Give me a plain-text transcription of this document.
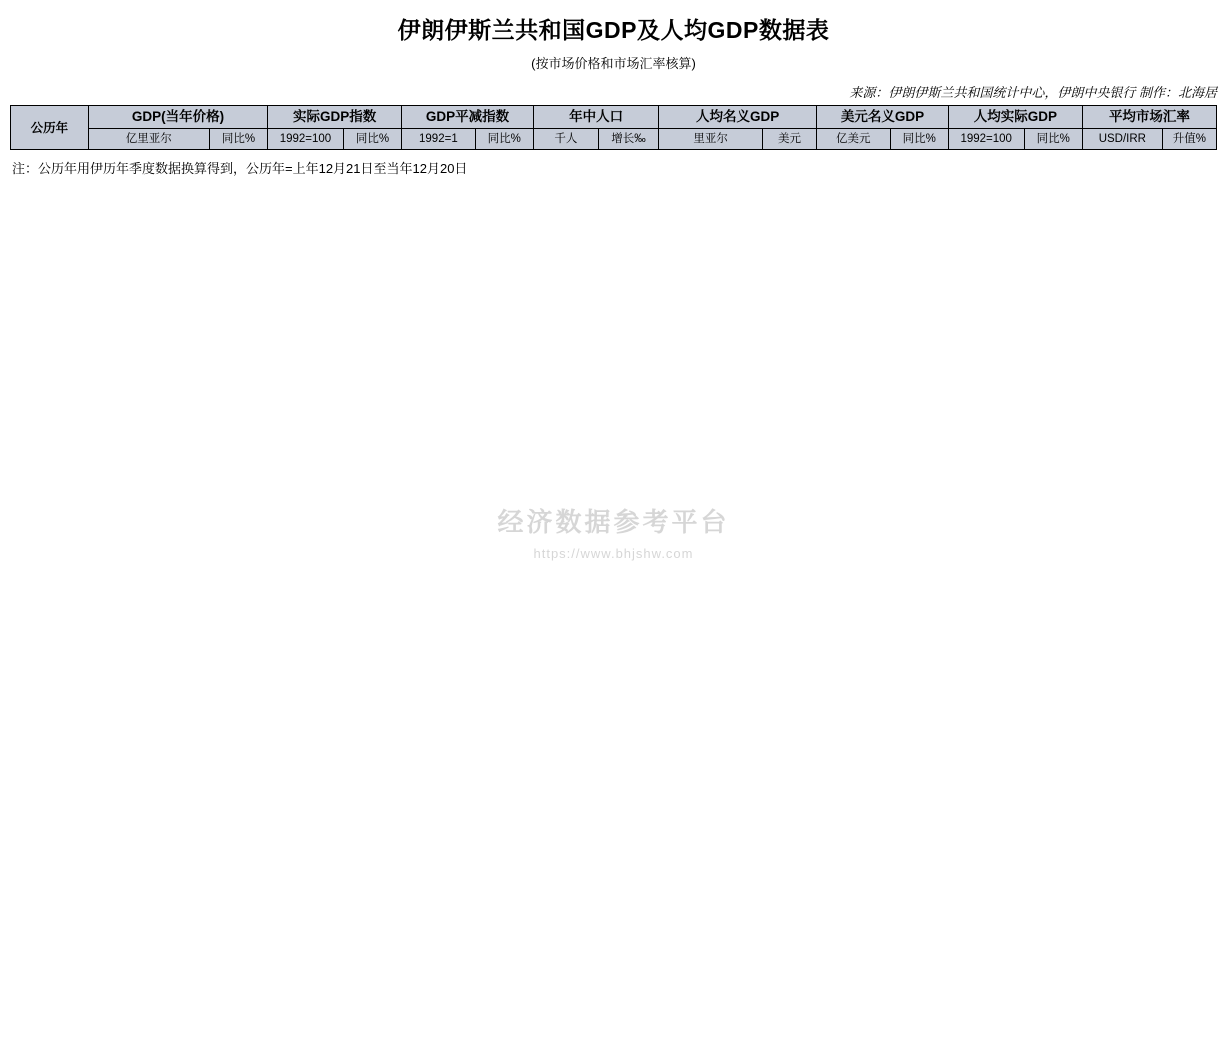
伊朗伊斯兰共和国GDP及人均GDP数据表
(按市场价格和市场汇率核算)
来源：伊朗伊斯兰共和国统计中心，伊朗中央银行 制作：北海居
公历年	GDP(当年价格)		实际GDP指数		GDP平减指数		年中人口		人均名义GDP		美元名义GDP		人均实际GDP		平均市场汇率	
	亿里亚尔	同比%	1992=100	同比%	1992=1	同比%	千人	增长‰	里亚尔	美元	亿美元	同比%	1992=100	同比%	USD/IRR	升值%
经济数据参考平台
https://www.bhjshw.com
注：公历年用伊历年季度数据换算得到，公历年=上年12月21日至当年12月20日
